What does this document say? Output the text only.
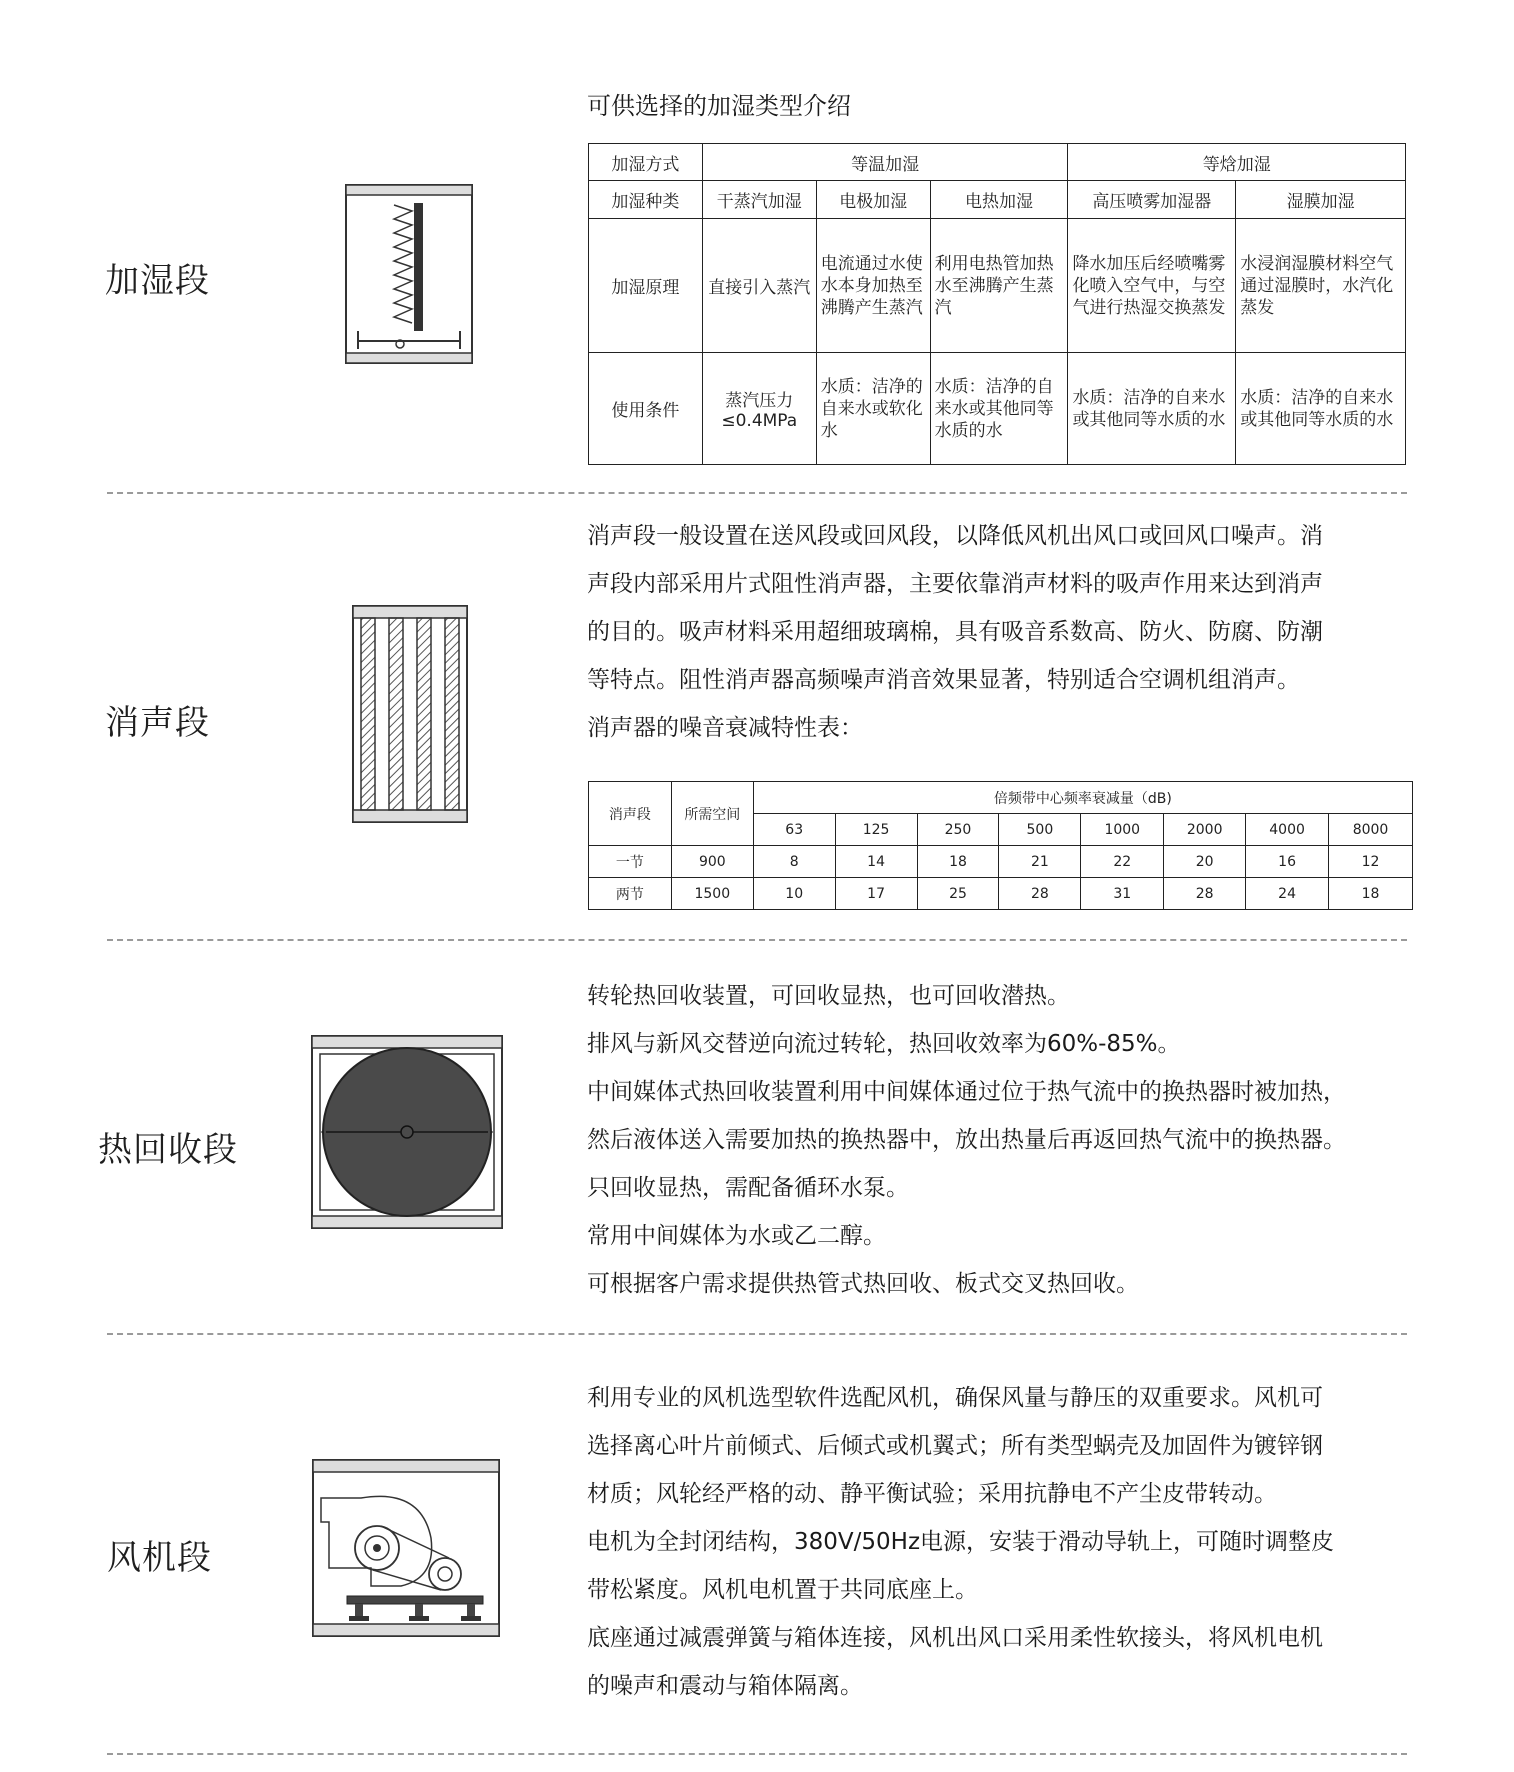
加湿段
可供选择的加湿类型介绍
加湿方式	等温加湿			等焓加湿	
加湿种类	干蒸汽加湿	电极加湿	电热加湿	高压喷雾加湿器	湿膜加湿
加湿原理	直接引入蒸汽	电流通过水使水本身加热至沸腾产生蒸汽	利用电热管加热水至沸腾产生蒸汽	降水加压后经喷嘴雾化喷入空气中，与空气进行热湿交换蒸发	水浸润湿膜材料空气通过湿膜时，水汽化蒸发
使用条件	蒸汽压力≤0.4MPa	水质：洁净的自来水或软化水	水质：洁净的自来水或其他同等水质的水	水质：洁净的自来水或其他同等水质的水	水质：洁净的自来水或其他同等水质的水
消声段

消声段一般设置在送风段或回风段，以降低风机出风口或回风口噪声。消

声段内部采用片式阻性消声器，主要依靠消声材料的吸声作用来达到消声

的目的。吸声材料采用超细玻璃棉，具有吸音系数高、防火、防腐、防潮

等特点。阻性消声器高频噪声消音效果显著，特别适合空调机组消声。

消声器的噪音衰减特性表：

消声段	所需空间	倍频带中心频率衰减量（dB)							
		63	125	250	500	1000	2000	4000	8000
一节	900	8	14	18	21	22	20	16	12
两节	1500	10	17	25	28	31	28	24	18
热回收段

转轮热回收装置，可回收显热，也可回收潜热。

排风与新风交替逆向流过转轮，热回收效率为60%-85%。

中间媒体式热回收装置利用中间媒体通过位于热气流中的换热器时被加热，

然后液体送入需要加热的换热器中，放出热量后再返回热气流中的换热器。

只回收显热，需配备循环水泵。

常用中间媒体为水或乙二醇。

可根据客户需求提供热管式热回收、板式交叉热回收。

风机段

利用专业的风机选型软件选配风机，确保风量与静压的双重要求。风机可

选择离心叶片前倾式、后倾式或机翼式；所有类型蜗壳及加固件为镀锌钢

材质；风轮经严格的动、静平衡试验；采用抗静电不产尘皮带转动。

电机为全封闭结构，380V/50Hz电源，安装于滑动导轨上，可随时调整皮

带松紧度。风机电机置于共同底座上。

底座通过减震弹簧与箱体连接，风机出风口采用柔性软接头，将风机电机

的噪声和震动与箱体隔离。
